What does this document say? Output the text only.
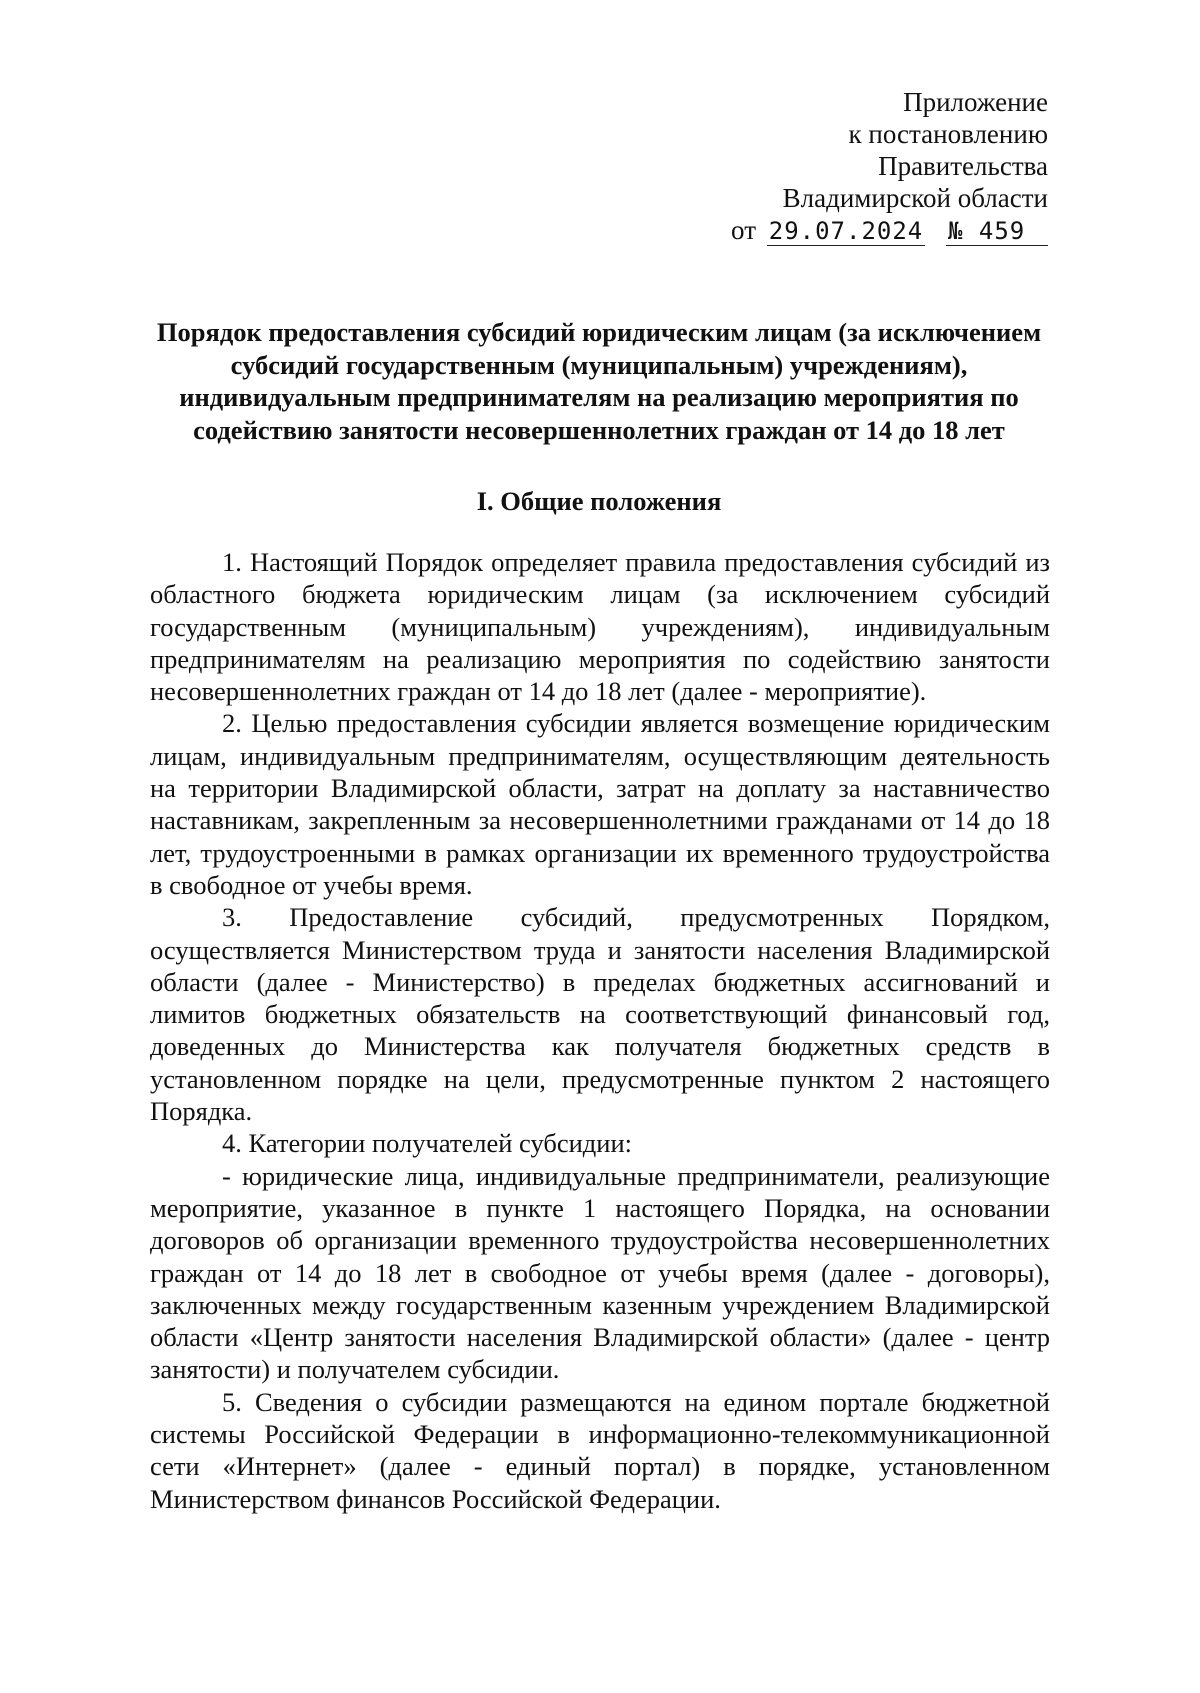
Приложение
к постановлению
Правительства
Владимирской области
от 29.07.2024 № 459
Порядок предоставления субсидий юридическим лицам (за исключением
субсидий государственным (муниципальным) учреждениям),
индивидуальным предпринимателям на реализацию мероприятия по
содействию занятости несовершеннолетних граждан от 14 до 18 лет
I. Общие положения

1. Настоящий Порядок определяет правила предоставления субсидий из областного бюджета юридическим лицам (за исключением субсидий государственным (муниципальным) учреждениям), индивидуальным предпринимателям на реализацию мероприятия по содействию занятости несовершеннолетних граждан от 14 до 18 лет (далее - мероприятие).

2. Целью предоставления субсидии является возмещение юридическим лицам, индивидуальным предпринимателям, осуществляющим деятельность на территории Владимирской области, затрат на доплату за наставничество наставникам, закрепленным за несовершеннолетними гражданами от 14 до 18 лет, трудоустроенными в рамках организации их временного трудоустройства в свободное от учебы время.

3. Предоставление субсидий, предусмотренных Порядком, осуществляется Министерством труда и занятости населения Владимирской области (далее - Министерство) в пределах бюджетных ассигнований и лимитов бюджетных обязательств на соответствующий финансовый год, доведенных до Министерства как получателя бюджетных средств в установленном порядке на цели, предусмотренные пунктом 2 настоящего Порядка.

4. Категории получателей субсидии:

- юридические лица, индивидуальные предприниматели, реализующие мероприятие, указанное в пункте 1 настоящего Порядка, на основании договоров об организации временного трудоустройства несовершеннолетних граждан от 14 до 18 лет в свободное от учебы время (далее - договоры), заключенных между государственным казенным учреждением Владимирской области «Центр занятости населения Владимирской области» (далее - центр занятости) и получателем субсидии.

5. Сведения о субсидии размещаются на едином портале бюджетной системы Российской Федерации в информационно-телекоммуникационной сети «Интернет» (далее - единый портал) в порядке, установленном Министерством финансов Российской Федерации.
